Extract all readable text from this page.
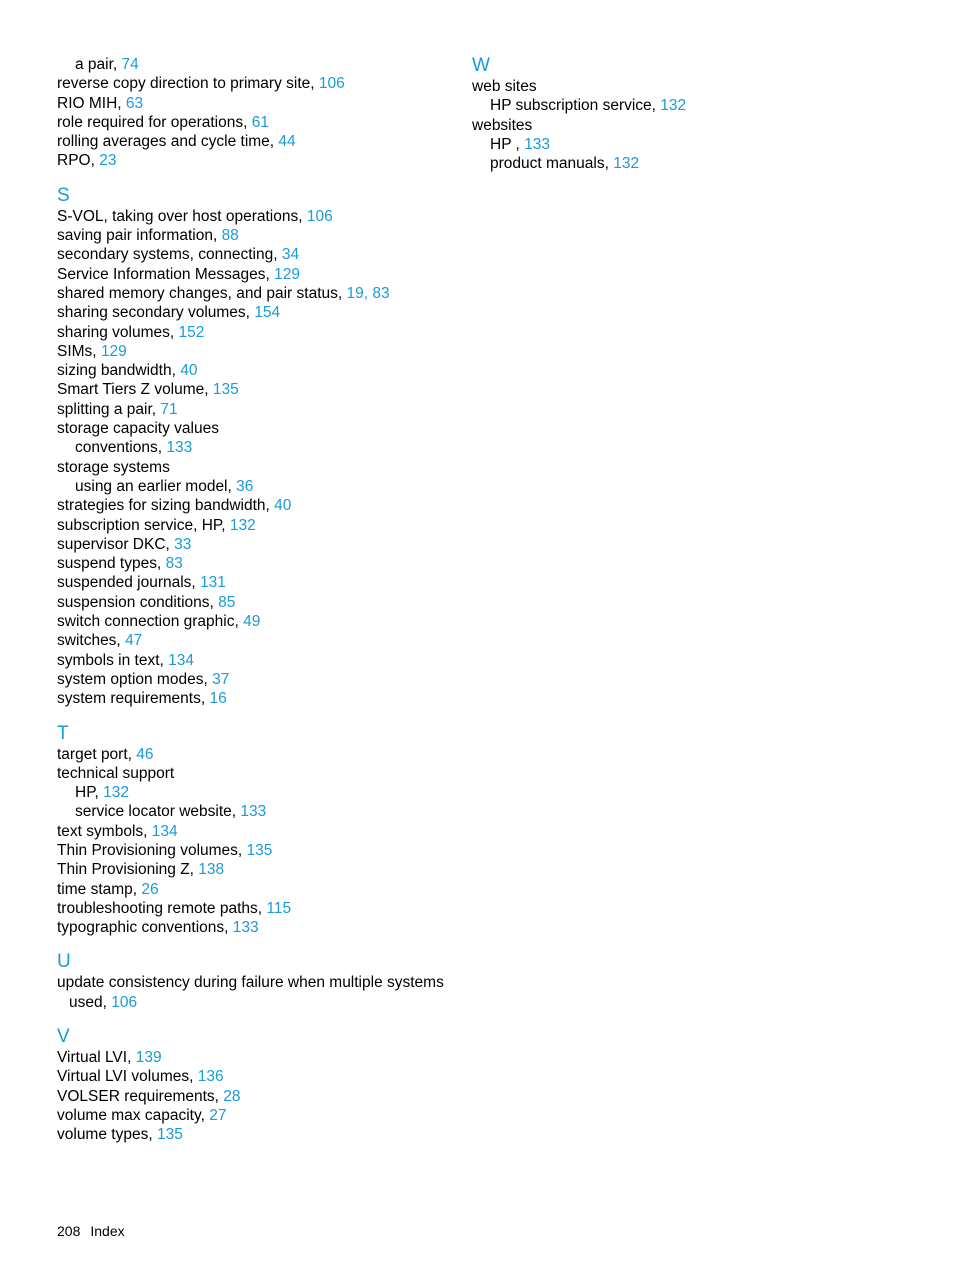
a pair, 74
reverse copy direction to primary site, 106
RIO MIH, 63
role required for operations, 61
rolling averages and cycle time, 44
RPO, 23
S
S-VOL, taking over host operations, 106
saving pair information, 88
secondary systems, connecting, 34
Service Information Messages, 129
shared memory changes, and pair status, 19, 83
sharing secondary volumes, 154
sharing volumes, 152
SIMs, 129
sizing bandwidth, 40
Smart Tiers Z volume, 135
splitting a pair, 71
storage capacity values
conventions, 133
storage systems
using an earlier model, 36
strategies for sizing bandwidth, 40
subscription service, HP, 132
supervisor DKC, 33
suspend types, 83
suspended journals, 131
suspension conditions, 85
switch connection graphic, 49
switches, 47
symbols in text, 134
system option modes, 37
system requirements, 16
T
target port, 46
technical support
HP, 132
service locator website, 133
text symbols, 134
Thin Provisioning volumes, 135
Thin Provisioning Z, 138
time stamp, 26
troubleshooting remote paths, 115
typographic conventions, 133
U
update consistency during failure when multiple systems
used, 106
V
Virtual LVI, 139
Virtual LVI volumes, 136
VOLSER requirements, 28
volume max capacity, 27
volume types, 135
W
web sites
HP subscription service, 132
websites
HP , 133
product manuals, 132
208 Index
